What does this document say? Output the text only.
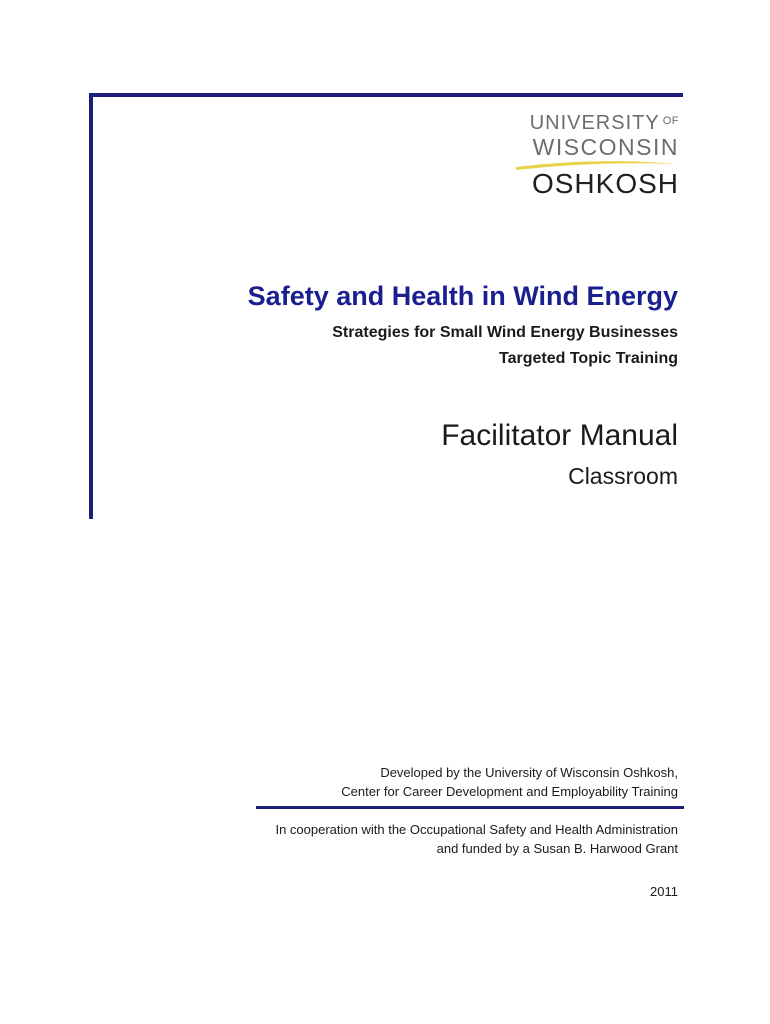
UNIVERSITY $^{OF}$
WISCONSIN
OSHKOSH
Safety and Health in Wind Energy
Strategies for Small Wind Energy Businesses
Targeted Topic Training
Facilitator Manual
Classroom
Developed by the University of Wisconsin Oshkosh,
Center for Career Development and Employability Training
In cooperation with the Occupational Safety and Health Administration
and funded by a Susan B. Harwood Grant
2011
